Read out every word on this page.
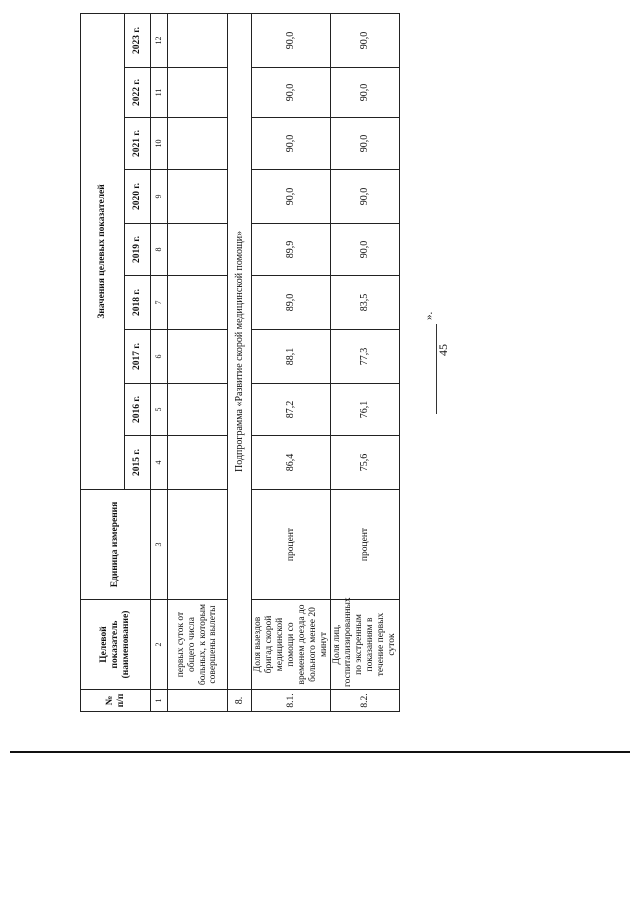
45
№ п/п	Целевой показатель (наименование)	Единица измерения	Значения целевых показателей								
			2015 г.	2016 г.	2017 г.	2018 г.	2019 г.	2020 г.	2021 г.	2022 г.	2023 г.
1	2	3	4	5	6	7	8	9	10	11	12
	первых суток от общего числа больных, к которым совершены вылеты										
8.	Подпрограмма «Развитие скорой медицинской помощи»										
8.1.	Доля выездов бригад скорой медицинской помощи со временем доезда до больного менее 20 минут	процент	86,4	87,2	88,1	89,0	89,9	90,0	90,0	90,0	90,0
8.2.	Доля лиц, госпитализированных по экстренным показаниям в течение первых суток	процент	75,6	76,1	77,3	83,5	90,0	90,0	90,0	90,0	90,0
».
